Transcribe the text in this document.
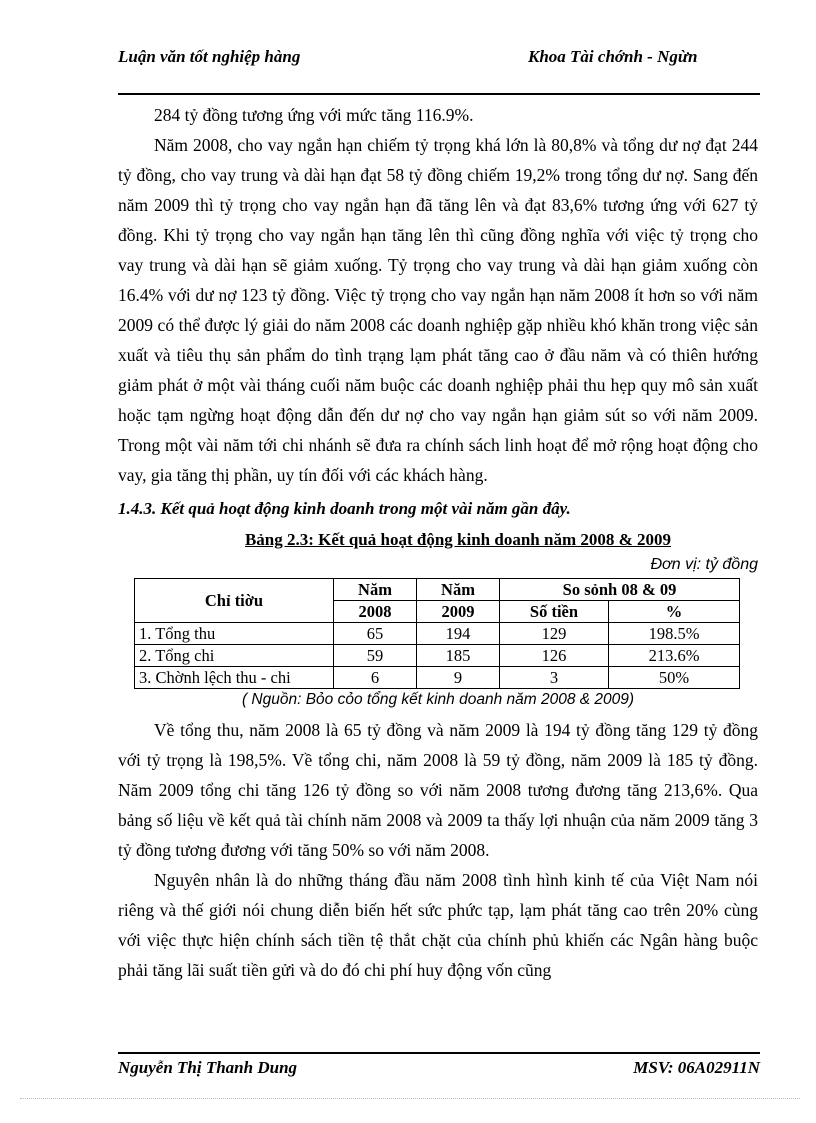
Luận văn tốt nghiệp hàng	Khoa Tài chớnh - Ngừn

284 tỷ đồng tương ứng với mức tăng 116.9%.

Năm 2008, cho vay ngắn hạn chiếm tỷ trọng khá lớn là 80,8% và tổng dư nợ đạt 244 tỷ đồng, cho vay trung và dài hạn đạt 58 tỷ đồng chiếm 19,2% trong tổng dư nợ. Sang đến năm 2009 thì tỷ trọng cho vay ngắn hạn đã tăng lên và đạt 83,6% tương ứng với 627 tỷ đồng. Khi tỷ trọng cho vay ngắn hạn tăng lên thì cũng đồng nghĩa với việc tỷ trọng cho vay trung và dài hạn sẽ giảm xuống. Tỷ trọng cho vay trung và dài hạn giảm xuống còn 16.4% với dư nợ 123 tỷ đồng. Việc tỷ trọng cho vay ngắn hạn năm 2008 ít hơn so với năm 2009 có thể được lý giải do năm 2008 các doanh nghiệp gặp nhiều khó khăn trong việc sản xuất và tiêu thụ sản phẩm do tình trạng lạm phát tăng cao ở đầu năm và có thiên hướng giảm phát ở một vài tháng cuối năm buộc các doanh nghiệp phải thu hẹp quy mô sản xuất hoặc tạm ngừng hoạt động dẫn đến dư nợ cho vay ngắn hạn giảm sút so với năm 2009. Trong một vài năm tới chi nhánh sẽ đưa ra chính sách linh hoạt để mở rộng hoạt động cho vay, gia tăng thị phần, uy tín đối với các khách hàng.

1.4.3. Kết quả hoạt động kinh doanh trong một vài năm gần đây.

Bảng 2.3: Kết quả hoạt động kinh doanh năm 2008 & 2009
Đơn vị: tỷ đồng
Chỉ tiờu	Năm	Năm	So sỏnh 08 & 09	
	2008	2009	Số tiền	%
1. Tổng thu	65	194	129	198.5%
2. Tổng chi	59	185	126	213.6%
3. Chờnh lệch thu - chi	6	9	3	50%
( Nguồn: Bỏo cỏo tổng kết kinh doanh năm 2008 & 2009)

Về tổng thu, năm 2008 là 65 tỷ đồng và năm 2009 là 194 tỷ đồng tăng 129 tỷ đồng với tỷ trọng là 198,5%. Về tổng chi, năm 2008 là 59 tỷ đồng, năm 2009 là 185 tỷ đồng. Năm 2009 tổng chi tăng 126 tỷ đồng so với năm 2008 tương đương tăng 213,6%. Qua bảng số liệu về kết quả tài chính năm 2008 và 2009 ta thấy lợi nhuận của năm 2009 tăng 3 tỷ đồng tương đương với tăng 50% so với năm 2008.

Nguyên nhân là do những tháng đầu năm 2008 tình hình kinh tế của Việt Nam nói riêng và thế giới nói chung diễn biến hết sức phức tạp, lạm phát tăng cao trên 20% cùng với việc thực hiện chính sách tiền tệ thắt chặt của chính phủ khiến các Ngân hàng buộc phải tăng lãi suất tiền gửi và do đó chi phí huy động vốn cũng

Nguyễn Thị Thanh Dung	MSV: 06A02911N
